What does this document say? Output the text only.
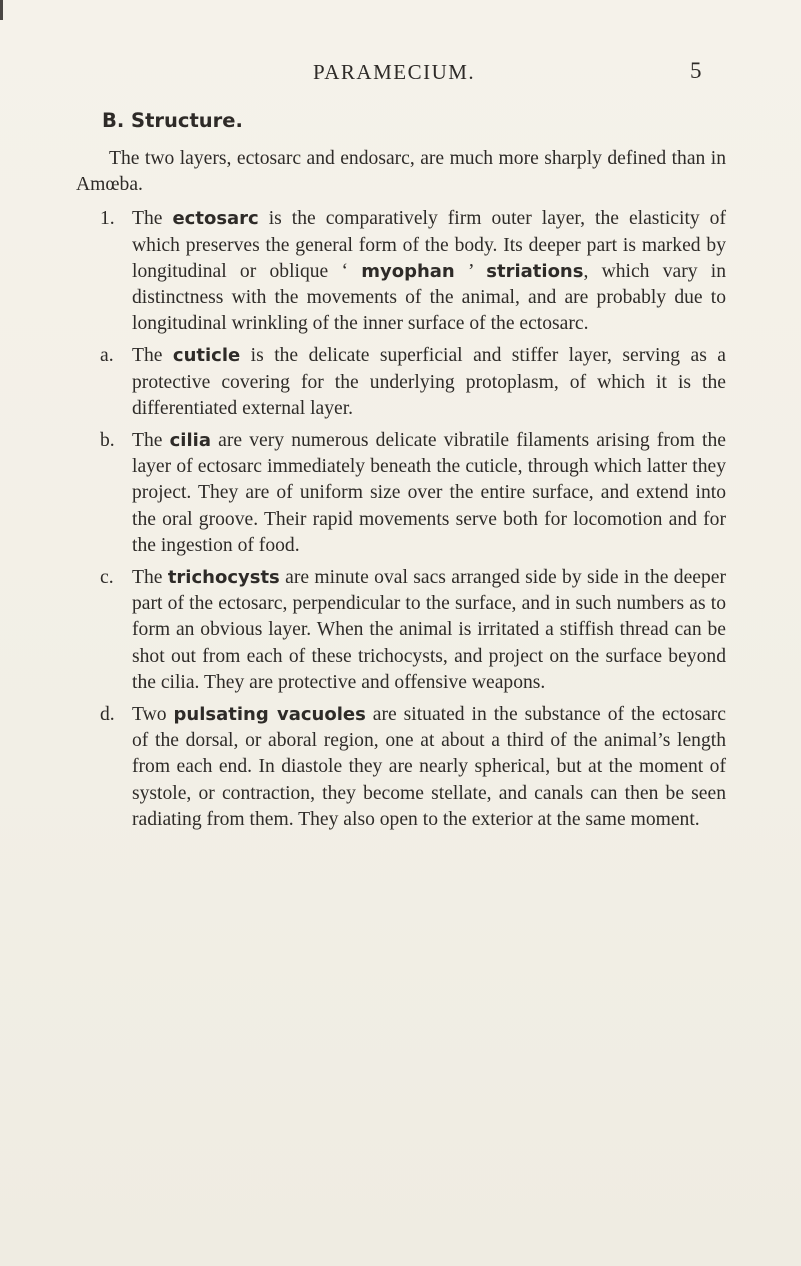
PARAMECIUM.	5
B. Structure.

The two layers, ectosarc and endosarc, are much more sharply defined than in Amœba.

1. The ectosarc is the comparatively firm outer layer, the elasticity of which preserves the general form of the body. Its deeper part is marked by longitudinal or oblique ‘ myophan ’ striations, which vary in distinctness with the movements of the animal, and are probably due to longitudinal wrinkling of the inner surface of the ectosarc.

a. The cuticle is the delicate superficial and stiffer layer, serving as a protective covering for the underlying protoplasm, of which it is the differentiated external layer.

b. The cilia are very numerous delicate vibratile filaments arising from the layer of ectosarc immediately beneath the cuticle, through which latter they project. They are of uniform size over the entire surface, and extend into the oral groove. Their rapid movements serve both for locomotion and for the ingestion of food.

c. The trichocysts are minute oval sacs arranged side by side in the deeper part of the ectosarc, perpendicular to the surface, and in such numbers as to form an obvious layer. When the animal is irritated a stiffish thread can be shot out from each of these trichocysts, and project on the surface beyond the cilia. They are protective and offensive weapons.

d. Two pulsating vacuoles are situated in the substance of the ectosarc of the dorsal, or aboral region, one at about a third of the animal’s length from each end. In diastole they are nearly spherical, but at the moment of systole, or contraction, they become stellate, and canals can then be seen radiating from them. They also open to the exterior at the same moment.
